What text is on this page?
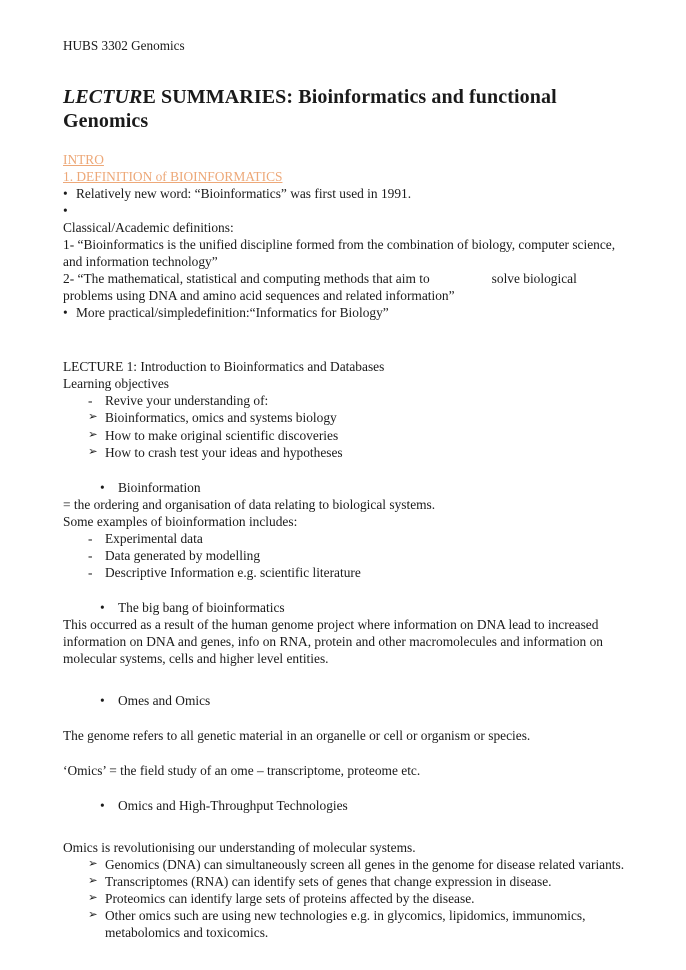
HUBS 3302 Genomics
LECTURE SUMMARIES: Bioinformatics and functional Genomics
INTRO
1. DEFINITION of BIOINFORMATICS
• Relatively new word: “Bioinformatics” was first used in 1991.
•

Classical/Academic definitions:

1- “Bioinformatics is the unified discipline formed from the combination of biology, computer science, and information technology”

2- “The mathematical, statistical and computing methods that aim to	solve biological problems using DNA and amino acid sequences and related information”

• More practical/simpledefinition:“Informatics for Biology”

LECTURE 1: Introduction to Bioinformatics and Databases

Learning objectives

- Revive your understanding of:
➢ Bioinformatics, omics and systems biology
➢ How to make original scientific discoveries
➢ How to crash test your ideas and hypotheses
• Bioinformation

= the ordering and organisation of data relating to biological systems.

Some examples of bioinformation includes:

- Experimental data
- Data generated by modelling
- Descriptive Information e.g. scientific literature
• The big bang of bioinformatics

This occurred as a result of the human genome project where information on DNA lead to increased information on DNA and genes, info on RNA, protein and other macromolecules and information on molecular systems, cells and higher level entities.

• Omes and Omics

The genome refers to all genetic material in an organelle or cell or organism or species.

‘Omics’ = the field study of an ome – transcriptome, proteome etc.

• Omics and High-Throughput Technologies

Omics is revolutionising our understanding of molecular systems.

➢ Genomics (DNA) can simultaneously screen all genes in the genome for disease related variants.
➢ Transcriptomes (RNA) can identify sets of genes that change expression in disease.
➢ Proteomics can identify large sets of proteins affected by the disease.
➢ Other omics such are using new technologies e.g. in glycomics, lipidomics, immunomics, metabolomics and toxicomics.
